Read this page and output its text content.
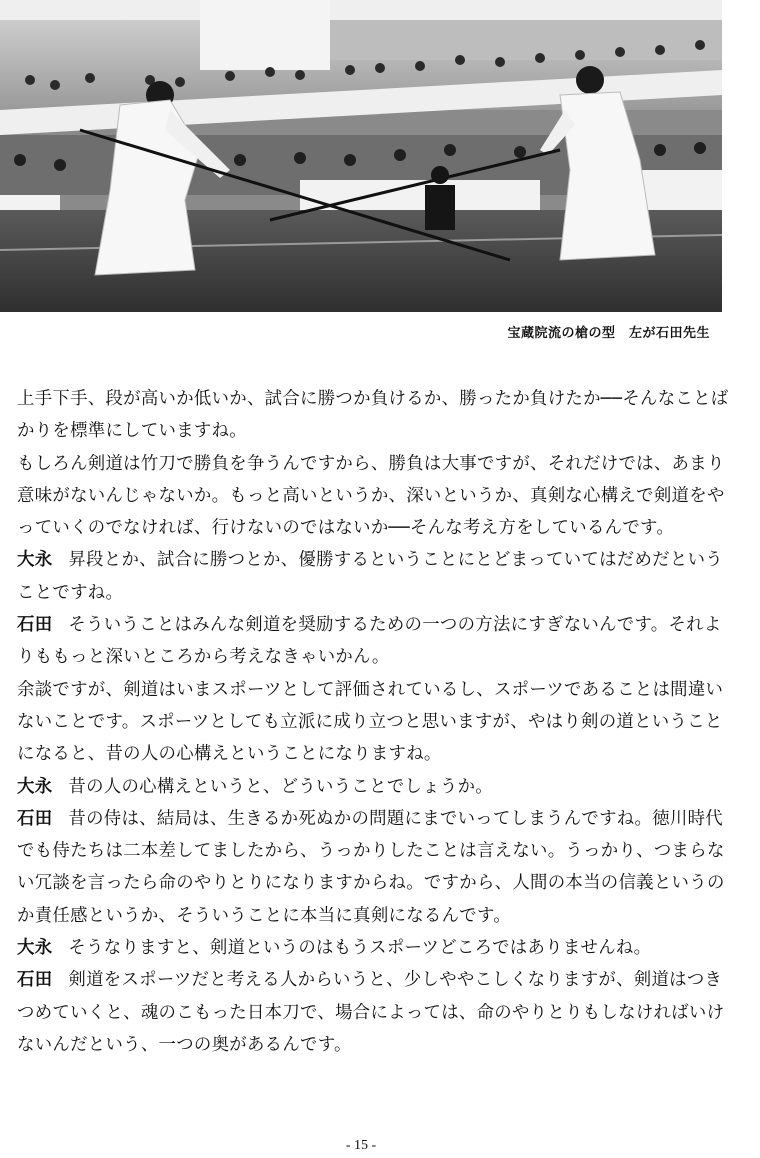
宝蔵院流の槍の型　左が石田先生

上手下手、段が高いか低いか、試合に勝つか負けるか、勝ったか負けたか──そんなことばかりを標準にしていますね。

もしろん剣道は竹刀で勝負を争うんですから、勝負は大事ですが、それだけでは、あまり意味がないんじゃないか。もっと高いというか、深いというか、真剣な心構えで剣道をやっていくのでなければ、行けないのではないか──そんな考え方をしているんです。

大永 昇段とか、試合に勝つとか、優勝するということにとどまっていてはだめだということですね。

石田 そういうことはみんな剣道を奨励するための一つの方法にすぎないんです。それよりももっと深いところから考えなきゃいかん。

余談ですが、剣道はいまスポーツとして評価されているし、スポーツであることは間違いないことです。スポーツとしても立派に成り立つと思いますが、やはり剣の道ということになると、昔の人の心構えということになりますね。

大永 昔の人の心構えというと、どういうことでしょうか。

石田 昔の侍は、結局は、生きるか死ぬかの問題にまでいってしまうんですね。徳川時代でも侍たちは二本差してましたから、うっかりしたことは言えない。うっかり、つまらない冗談を言ったら命のやりとりになりますからね。ですから、人間の本当の信義というのか責任感というか、そういうことに本当に真剣になるんです。

大永 そうなりますと、剣道というのはもうスポーツどころではありませんね。

石田 剣道をスポーツだと考える人からいうと、少しややこしくなりますが、剣道はつきつめていくと、魂のこもった日本刀で、場合によっては、命のやりとりもしなければいけないんだという、一つの奥があるんです。

- 15 -
